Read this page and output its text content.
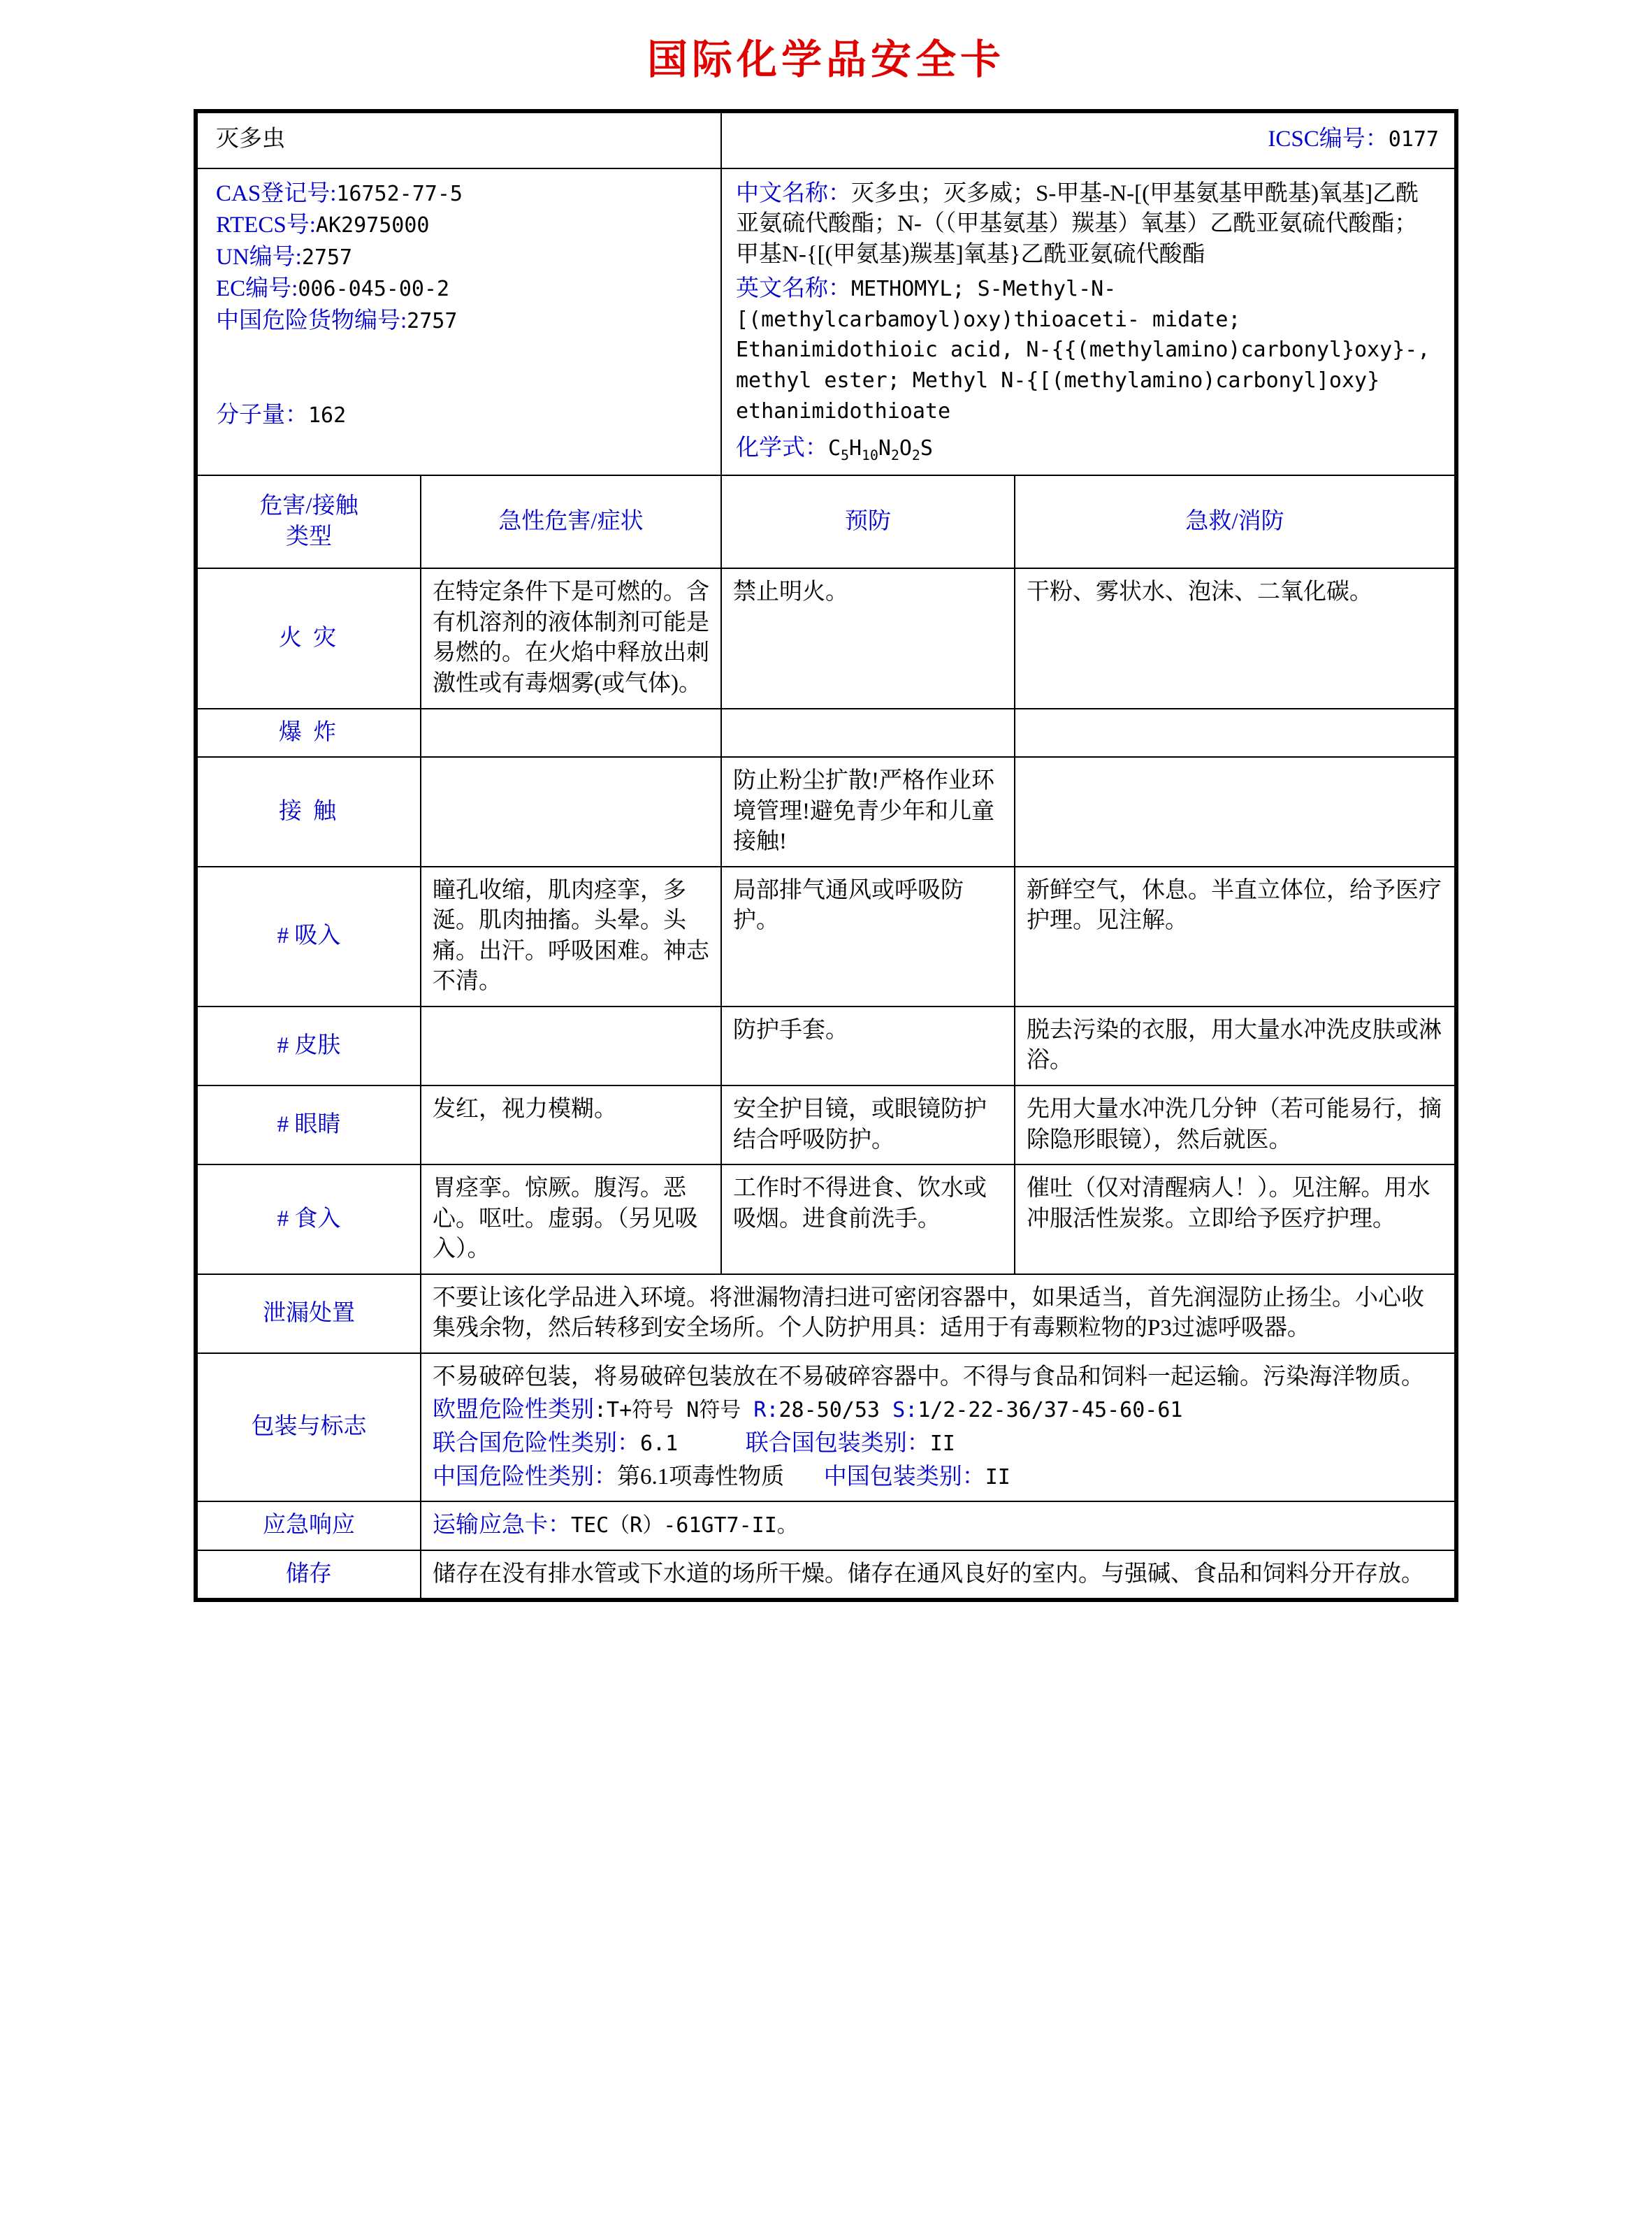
国际化学品安全卡
灭多虫		ICSC编号：0177	

CAS登记号:16752-77-5
RTECS号:AK2975000
UN编号:2757
EC编号:006-045-00-2
中国危险货物编号:2757
分子量：162

中文名称：灭多虫；灭多威；S-甲基-N-[(甲基氨基甲酰基)氧基]乙酰亚氨硫代酸酯；N-（（甲基氨基）羰基）氧基）乙酰亚氨硫代酸酯；甲基N-{[(甲氨基)羰基]氧基}乙酰亚氨硫代酸酯
英文名称：METHOMYL; S-Methyl-N-[(methylcarbamoyl)oxy)thioaceti- midate; Ethanimidothioic acid, N-{{(methylamino)carbonyl}oxy}-, methyl ester; Methyl N-{[(methylamino)carbonyl]oxy} ethanimidothioate
化学式：$C_5H_{10}N_2O_2S$

危害/接触
类型	急性危害/症状	预防	急救/消防
火 灾	在特定条件下是可燃的。含有机溶剂的液体制剂可能是易燃的。在火焰中释放出刺激性或有毒烟雾(或气体)。	禁止明火。	干粉、雾状水、泡沫、二氧化碳。
爆 炸			
接 触		防止粉尘扩散!严格作业环境管理!避免青少年和儿童接触!	
# 吸入	瞳孔收缩，肌肉痉挛，多涎。肌肉抽搐。头晕。头痛。出汗。呼吸困难。神志不清。	局部排气通风或呼吸防护。	新鲜空气，休息。半直立体位，给予医疗护理。见注解。
# 皮肤		防护手套。	脱去污染的衣服，用大量水冲洗皮肤或淋浴。
# 眼睛	发红，视力模糊。	安全护目镜，或眼镜防护结合呼吸防护。	先用大量水冲洗几分钟（若可能易行，摘除隐形眼镜），然后就医。
# 食入	胃痉挛。惊厥。腹泻。恶心。呕吐。虚弱。（另见吸入）。	工作时不得进食、饮水或吸烟。进食前洗手。	催吐（仅对清醒病人！）。见注解。用水冲服活性炭浆。立即给予医疗护理。
泄漏处置	不要让该化学品进入环境。将泄漏物清扫进可密闭容器中，如果适当，首先润湿防止扬尘。小心收集残余物，然后转移到安全场所。个人防护用具：适用于有毒颗粒物的P3过滤呼吸器。		
包装与标志	不易破碎包装，将易破碎包装放在不易破碎容器中。不得与食品和饲料一起运输。污染海洋物质。
欧盟危险性类别:T+符号 N符号 R:28-50/53 S:1/2-22-36/37-45-60-61
联合国危险性类别：6.1 联合国包装类别：II
中国危险性类别：第6.1项毒性物质 中国包装类别：II		

应急响应	运输应急卡：TEC（R）-61GT7-II。		
储存	储存在没有排水管或下水道的场所干燥。储存在通风良好的室内。与强碱、食品和饲料分开存放。		
